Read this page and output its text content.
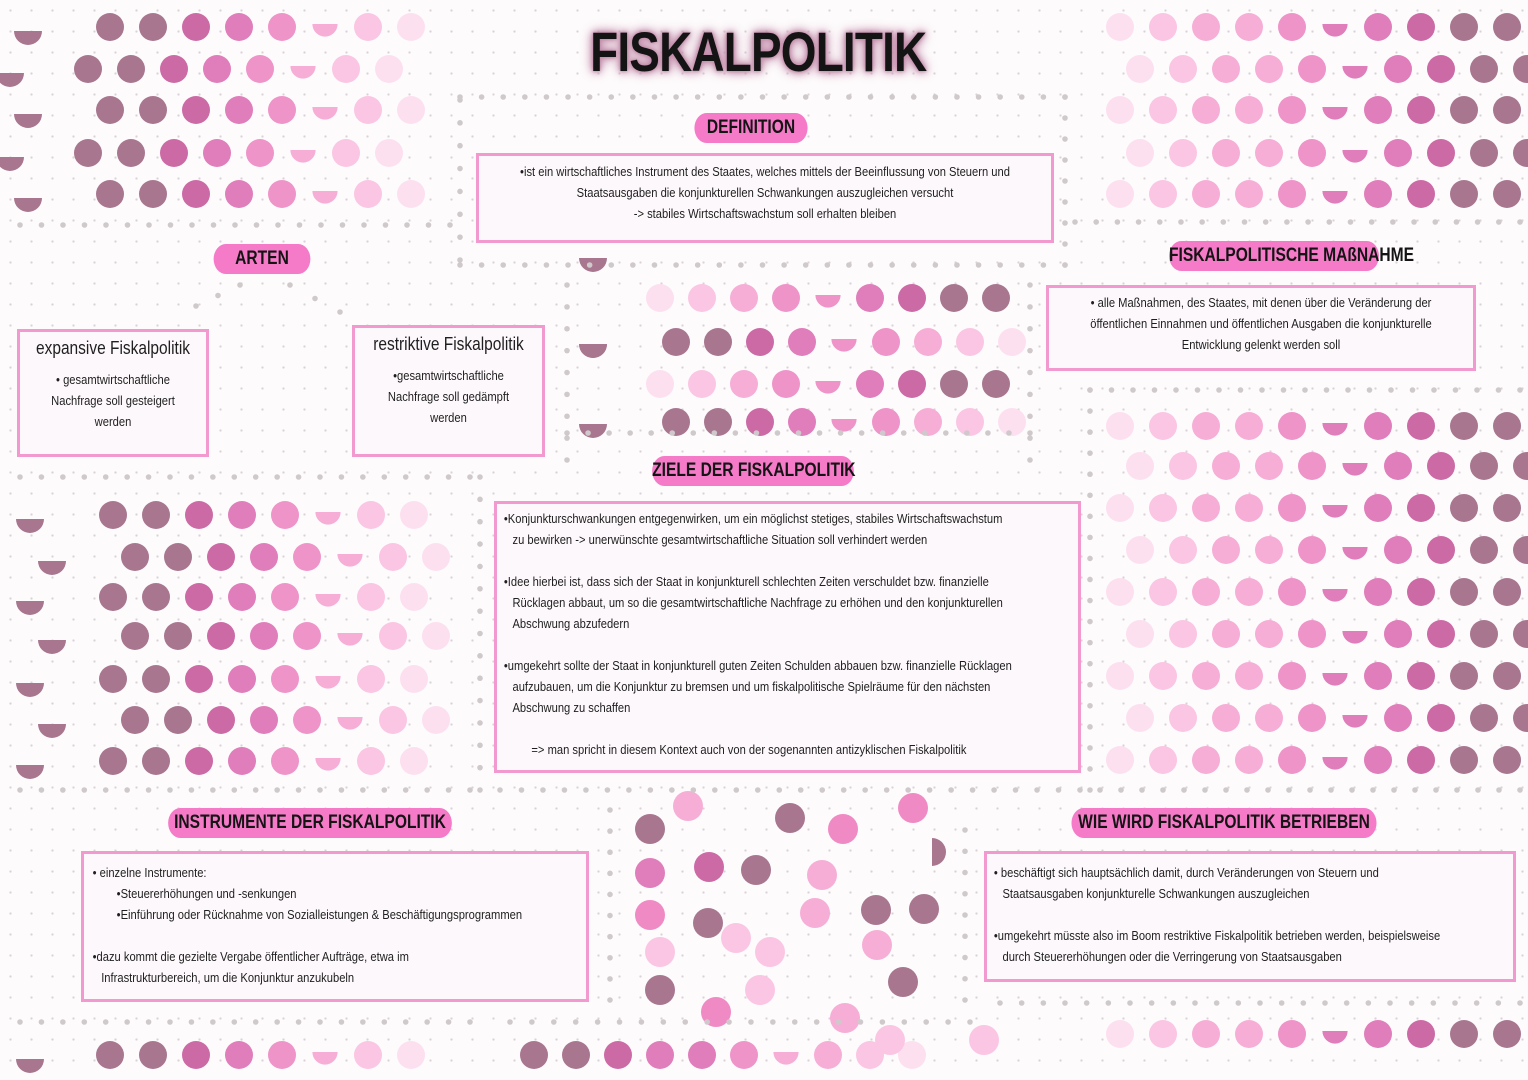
FISKALPOLITIK
DEFINITION

•ist ein wirtschaftliches Instrument des Staates, welches mittels der Beeinflussung von Steuern und

Staatsausgaben die konjunkturellen Schwankungen auszugleichen versucht

-> stabiles Wirtschaftswachstum soll erhalten bleiben

ARTEN

expansive Fiskalpolitik

• gesamtwirtschaftliche

Nachfrage soll gesteigert

werden

restriktive Fiskalpolitik

•gesamtwirtschaftliche

Nachfrage soll gedämpft

werden

FISKALPOLITISCHE MAßNAHME

• alle Maßnahmen, des Staates, mit denen über die Veränderung der

öffentlichen Einnahmen und öffentlichen Ausgaben die konjunkturelle

Entwicklung gelenkt werden soll

ZIELE DER FISKALPOLITIK

•Konjunkturschwankungen entgegenwirken, um ein möglichst stetiges, stabiles Wirtschaftswachstum

zu bewirken -> unerwünschte gesamtwirtschaftliche Situation soll verhindert werden

•Idee hierbei ist, dass sich der Staat in konjunkturell schlechten Zeiten verschuldet bzw. finanzielle

Rücklagen abbaut, um so die gesamtwirtschaftliche Nachfrage zu erhöhen und den konjunkturellen

Abschwung abzufedern

•umgekehrt sollte der Staat in konjunkturell guten Zeiten Schulden abbauen bzw. finanzielle Rücklagen

aufzubauen, um die Konjunktur zu bremsen und um fiskalpolitische Spielräume für den nächsten

Abschwung zu schaffen

=> man spricht in diesem Kontext auch von der sogenannten antizyklischen Fiskalpolitik

INSTRUMENTE DER FISKALPOLITIK

• einzelne Instrumente:

•Steuererhöhungen und -senkungen

•Einführung oder Rücknahme von Sozialleistungen & Beschäftigungsprogrammen

•dazu kommt die gezielte Vergabe öffentlicher Aufträge, etwa im

Infrastrukturbereich, um die Konjunktur anzukubeln

WIE WIRD FISKALPOLITIK BETRIEBEN

• beschäftigt sich hauptsächlich damit, durch Veränderungen von Steuern und

Staatsausgaben konjunkturelle Schwankungen auszugleichen

•umgekehrt müsste also im Boom restriktive Fiskalpolitik betrieben werden, beispielsweise

durch Steuererhöhungen oder die Verringerung von Staatsausgaben
